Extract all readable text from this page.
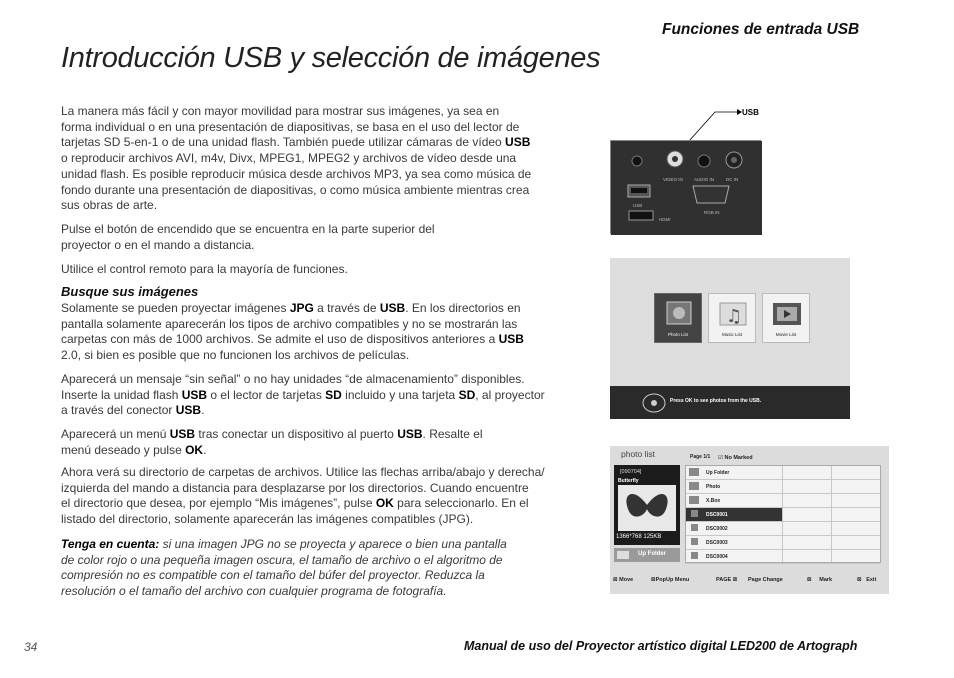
Funciones de entrada USB
Introducción USB y selección de imágenes
La manera más fácil y con mayor movilidad para mostrar sus imágenes, ya sea en
forma individual o en una presentación de diapositivas, se basa en el uso del lector de
tarjetas SD 5-en-1 o de una unidad flash. También puede utilizar cámaras de vídeo USB
o reproducir archivos AVI, m4v, Divx, MPEG1, MPEG2 y archivos de vídeo desde una
unidad flash. Es posible reproducir música desde archivos MP3, ya sea como música de
fondo durante una presentación de diapositivas, o como música ambiente mientras crea
sus obras de arte.
Pulse el botón de encendido que se encuentra en la parte superior del
proyector o en el mando a distancia.
Utilice el control remoto para la mayoría de funciones.
Busque sus imágenes
Solamente se pueden proyectar imágenes JPG a través de USB. En los directorios en
pantalla solamente aparecerán los tipos de archivo compatibles y no se mostrarán las
carpetas con más de 1000 archivos. Se admite el uso de dispositivos anteriores a USB
2.0, si bien es posible que no funcionen los archivos de películas.
Aparecerá un mensaje “sin señal” o no hay unidades “de almacenamiento” disponibles.
Inserte la unidad flash USB o el lector de tarjetas SD incluido y una tarjeta SD, al proyector
a través del conector USB.
Aparecerá un menú USB tras conectar un dispositivo al puerto USB. Resalte el
menú deseado y pulse OK.
Ahora verá su directorio de carpetas de archivos. Utilice las flechas arriba/abajo y derecha/
izquierda del mando a distancia para desplazarse por los directorios. Cuando encuentre
el directorio que desea, por ejemplo “Mis imágenes”, pulse OK para seleccionarlo. En el
listado del directorio, solamente aparecerán las imágenes compatibles (JPG).
Tenga en cuenta: si una imagen JPG no se proyecta y aparece o bien una pantalla
de color rojo o una pequeña imagen oscura, el tamaño de archivo o el algoritmo de
compresión no es compatible con el tamaño del búfer del proyector. Reduzca la
resolución o el tamaño del archivo con cualquier programa de fotografía.
USB
VIDEO IN AUDIO IN	DC IN
USB
RGB IN
HDMI
Photo List
♫
Music List	Movie List
Press OK to see photos from the USB.
photo list	Page 1/1 ☑ No Marked
[090704]
Butterfly
1366*768 125KB
Up Folder
Up Folder
Photo
X.Box
DSC0001
DSC0002
DSC0003
DSC0004
⊠ Move	⊠PopUp Menu	PAGE ⊠ Page Change	⊠     Mark	⊠   Exit
34	Manual de uso del Proyector artístico digital LED200 de Artograph
